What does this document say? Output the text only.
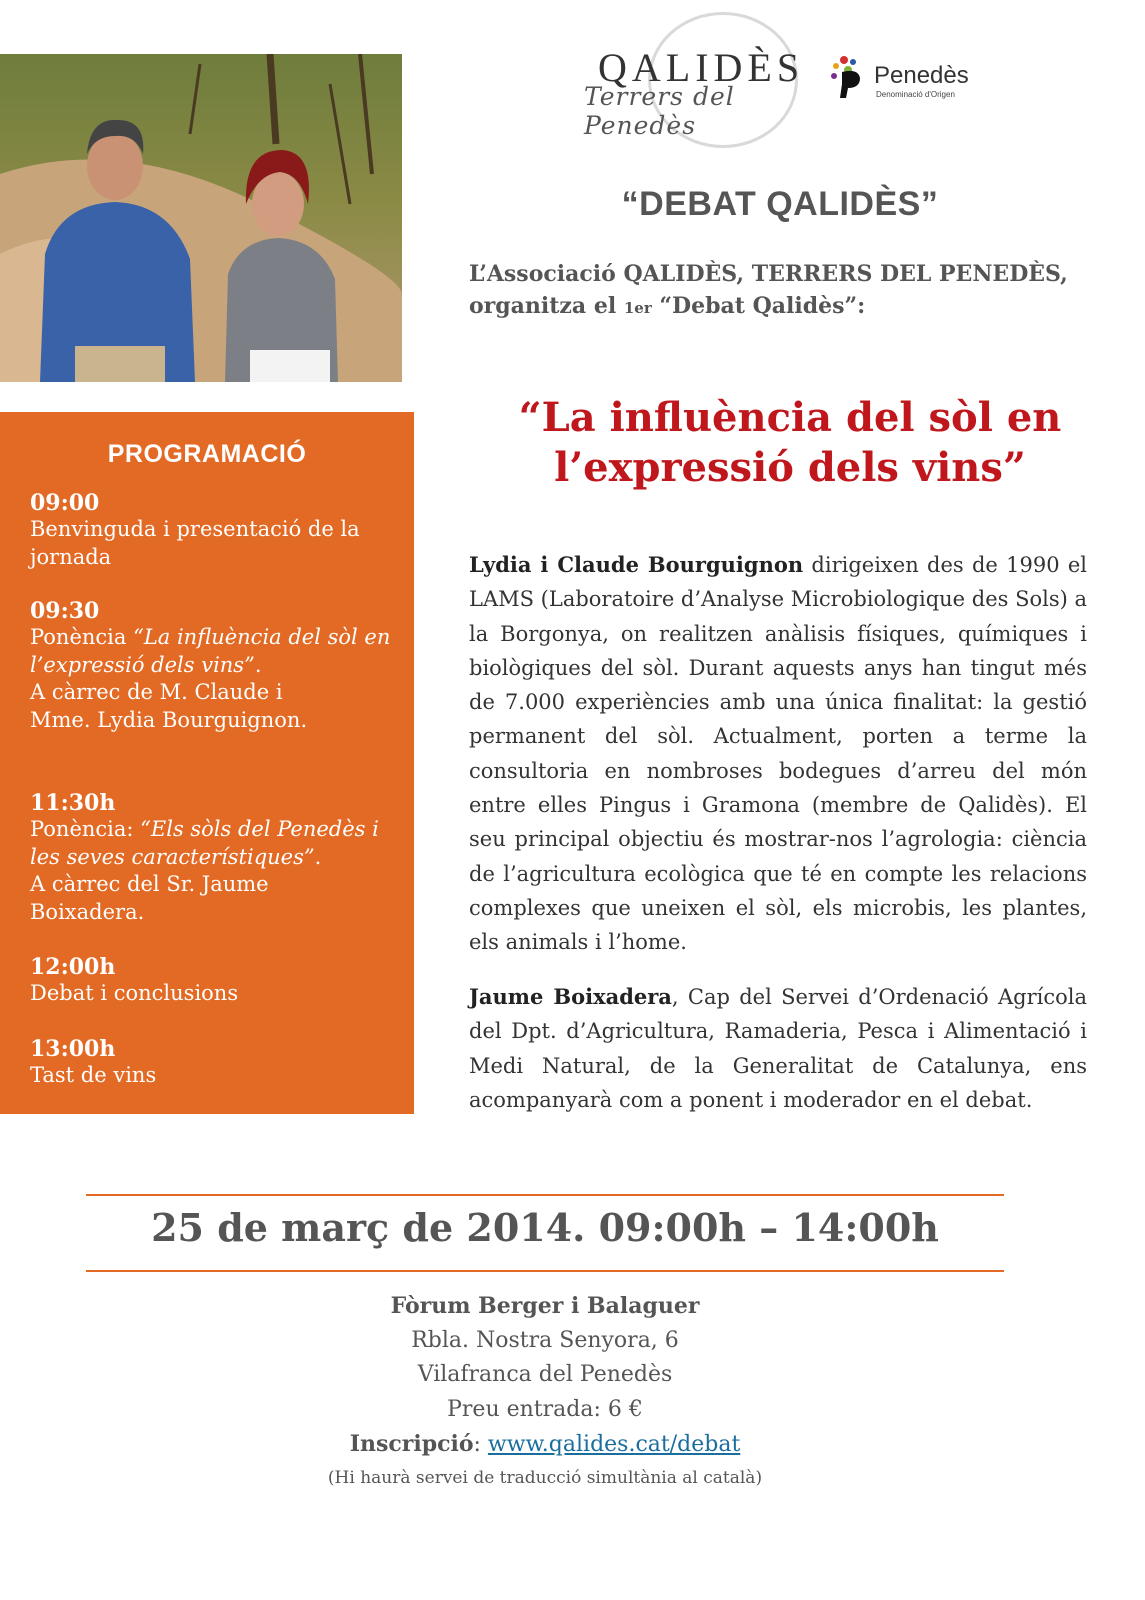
QALIDÈS
Terrers del Penedès
Penedès
Denominació d'Origen
“DEBAT QALIDÈS”
L’Associació QALIDÈS, TERRERS DEL PENEDÈS,
organitza el 1er “Debat Qalidès”:
“La influència del sòl en
l’expressió dels vins”
PROGRAMACIÓ
09:00
Benvinguda i presentació de la
jornada
09:30
Ponència “La influència del sòl en l’expressió dels vins”.
A càrrec de M. Claude i
Mme. Lydia Bourguignon.
11:30h
Ponència: “Els sòls del Penedès i les seves característiques”.
A càrrec del Sr. Jaume
Boixadera.
12:00h
Debat i conclusions
13:00h
Tast de vins
Lydia i Claude Bourguignon dirigeixen des de 1990 el LAMS (Laboratoire d’Analyse Microbiologique des Sols) a la Borgonya, on realitzen anàlisis físiques, químiques i biològiques del sòl. Durant aquests anys han tingut més de 7.000 experiències amb una única finalitat: la gestió permanent del sòl. Actualment, porten a terme la consultoria en nombroses bodegues d’arreu del món entre elles Pingus i Gramona (membre de Qalidès). El seu principal objectiu és mostrar-nos l’agrologia: ciència de l’agricultura ecològica que té en compte les relacions complexes que uneixen el sòl, els microbis, les plantes, els animals i l’home.
Jaume Boixadera, Cap del Servei d’Ordenació Agrícola del Dpt. d’Agricultura, Ramaderia, Pesca i Alimentació i Medi Natural, de la Generalitat de Catalunya, ens acompanyarà com a ponent i moderador en el debat.
25 de març de 2014. 09:00h – 14:00h
Fòrum Berger i Balaguer
Rbla. Nostra Senyora, 6
Vilafranca del Penedès
Preu entrada: 6 €
Inscripció: www.qalides.cat/debat
(Hi haurà servei de traducció simultània al català)
